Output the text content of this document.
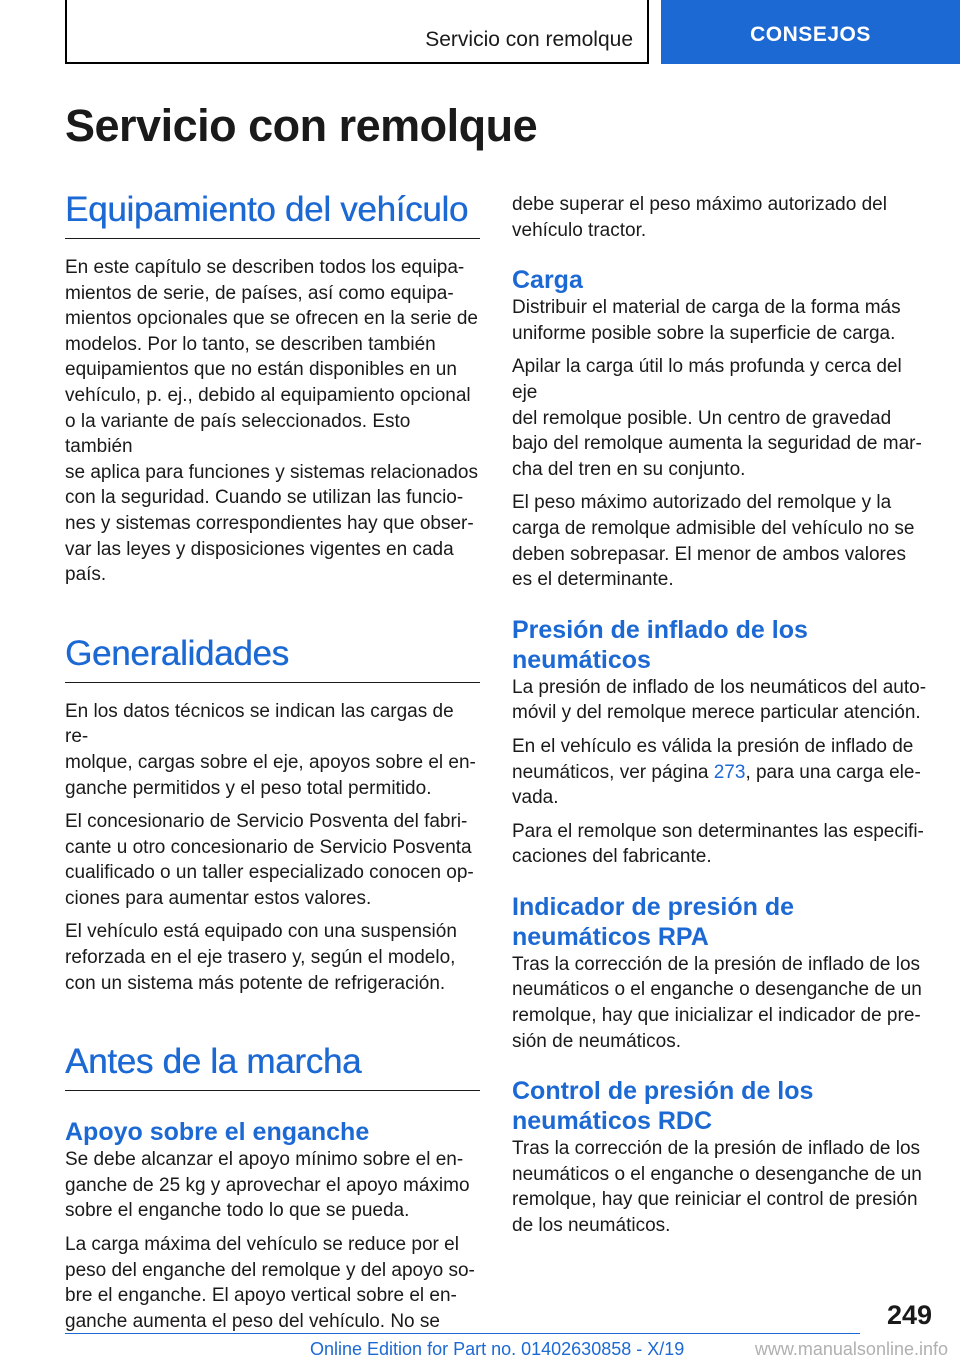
Servicio con remolque	CONSEJOS
Servicio con remolque
Equipamiento del vehículo

En este capítulo se describen todos los equipa-
mientos de serie, de países, así como equipa-
mientos opcionales que se ofrecen en la serie de
modelos. Por lo tanto, se describen también
equipamientos que no están disponibles en un
vehículo, p. ej., debido al equipamiento opcional
o la variante de país seleccionados. Esto también
se aplica para funciones y sistemas relacionados
con la seguridad. Cuando se utilizan las funcio-
nes y sistemas correspondientes hay que obser-
var las leyes y disposiciones vigentes en cada
país.

Generalidades

En los datos técnicos se indican las cargas de re-
molque, cargas sobre el eje, apoyos sobre el en-
ganche permitidos y el peso total permitido.

El concesionario de Servicio Posventa del fabri-
cante u otro concesionario de Servicio Posventa
cualificado o un taller especializado conocen op-
ciones para aumentar estos valores.

El vehículo está equipado con una suspensión
reforzada en el eje trasero y, según el modelo,
con un sistema más potente de refrigeración.

Antes de la marcha
Apoyo sobre el enganche

Se debe alcanzar el apoyo mínimo sobre el en-
ganche de 25 kg y aprovechar el apoyo máximo
sobre el enganche todo lo que se pueda.

La carga máxima del vehículo se reduce por el
peso del enganche del remolque y del apoyo so-
bre el enganche. El apoyo vertical sobre el en-
ganche aumenta el peso del vehículo. No se

debe superar el peso máximo autorizado del
vehículo tractor.

Carga

Distribuir el material de carga de la forma más
uniforme posible sobre la superficie de carga.

Apilar la carga útil lo más profunda y cerca del eje
del remolque posible. Un centro de gravedad
bajo del remolque aumenta la seguridad de mar-
cha del tren en su conjunto.

El peso máximo autorizado del remolque y la
carga de remolque admisible del vehículo no se
deben sobrepasar. El menor de ambos valores
es el determinante.

Presión de inflado de los
neumáticos

La presión de inflado de los neumáticos del auto-
móvil y del remolque merece particular atención.

En el vehículo es válida la presión de inflado de
neumáticos, ver página 273, para una carga ele-
vada.

Para el remolque son determinantes las especifi-
caciones del fabricante.

Indicador de presión de
neumáticos RPA

Tras la corrección de la presión de inflado de los
neumáticos o el enganche o desenganche de un
remolque, hay que inicializar el indicador de pre-
sión de neumáticos.

Control de presión de los
neumáticos RDC

Tras la corrección de la presión de inflado de los
neumáticos o el enganche o desenganche de un
remolque, hay que reiniciar el control de presión
de los neumáticos.

249
Online Edition for Part no. 01402630858 - X/19	www.manualsonline.info
